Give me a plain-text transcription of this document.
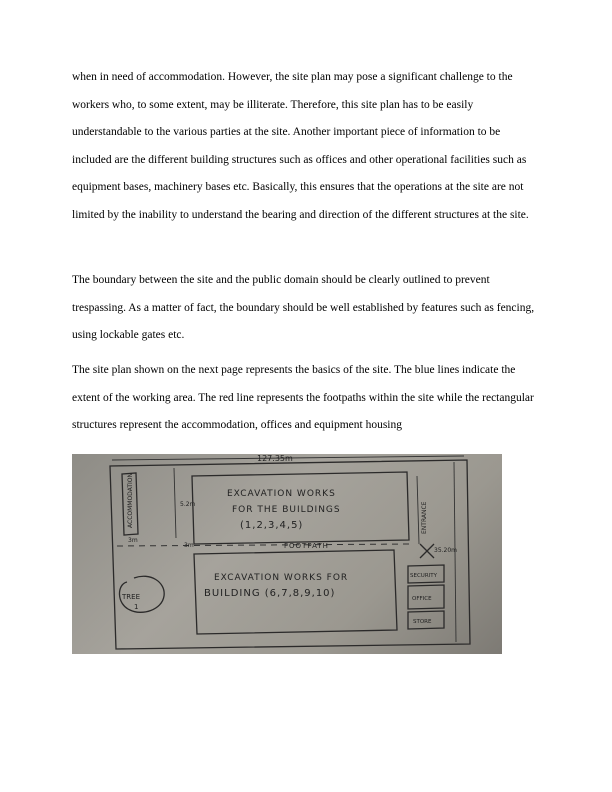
when in need of accommodation. However, the site plan may pose a significant challenge to the workers who, to some extent, may be illiterate. Therefore, this site plan has to be easily understandable to the various parties at the site. Another important piece of information to be included are the different building structures such as offices and other operational facilities such as equipment bases, machinery bases etc. Basically, this ensures that the operations at the site are not limited by the inability to understand the bearing and direction of the different structures at the site.

The boundary between the site and the public domain should be clearly outlined to prevent trespassing. As a matter of fact, the boundary should be well established by features such as fencing, using lockable gates etc.

The site plan shown on the next page represents the basics of the site. The blue lines indicate the extent of the working area. The red line represents the footpaths within the site while the rectangular structures represent the accommodation, offices and equipment housing

127.35m
ACCOMMODATION	5.2m
EXCAVATION WORKS
FOR THE BUILDINGS
(1,2,3,4,5)
FOOTPATH
3m
3m
EXCAVATION WORKS FOR
BUILDING (6,7,8,9,10)
TREE
1
ENTRANCE
35.20m
SECURITY
OFFICE
STORE
